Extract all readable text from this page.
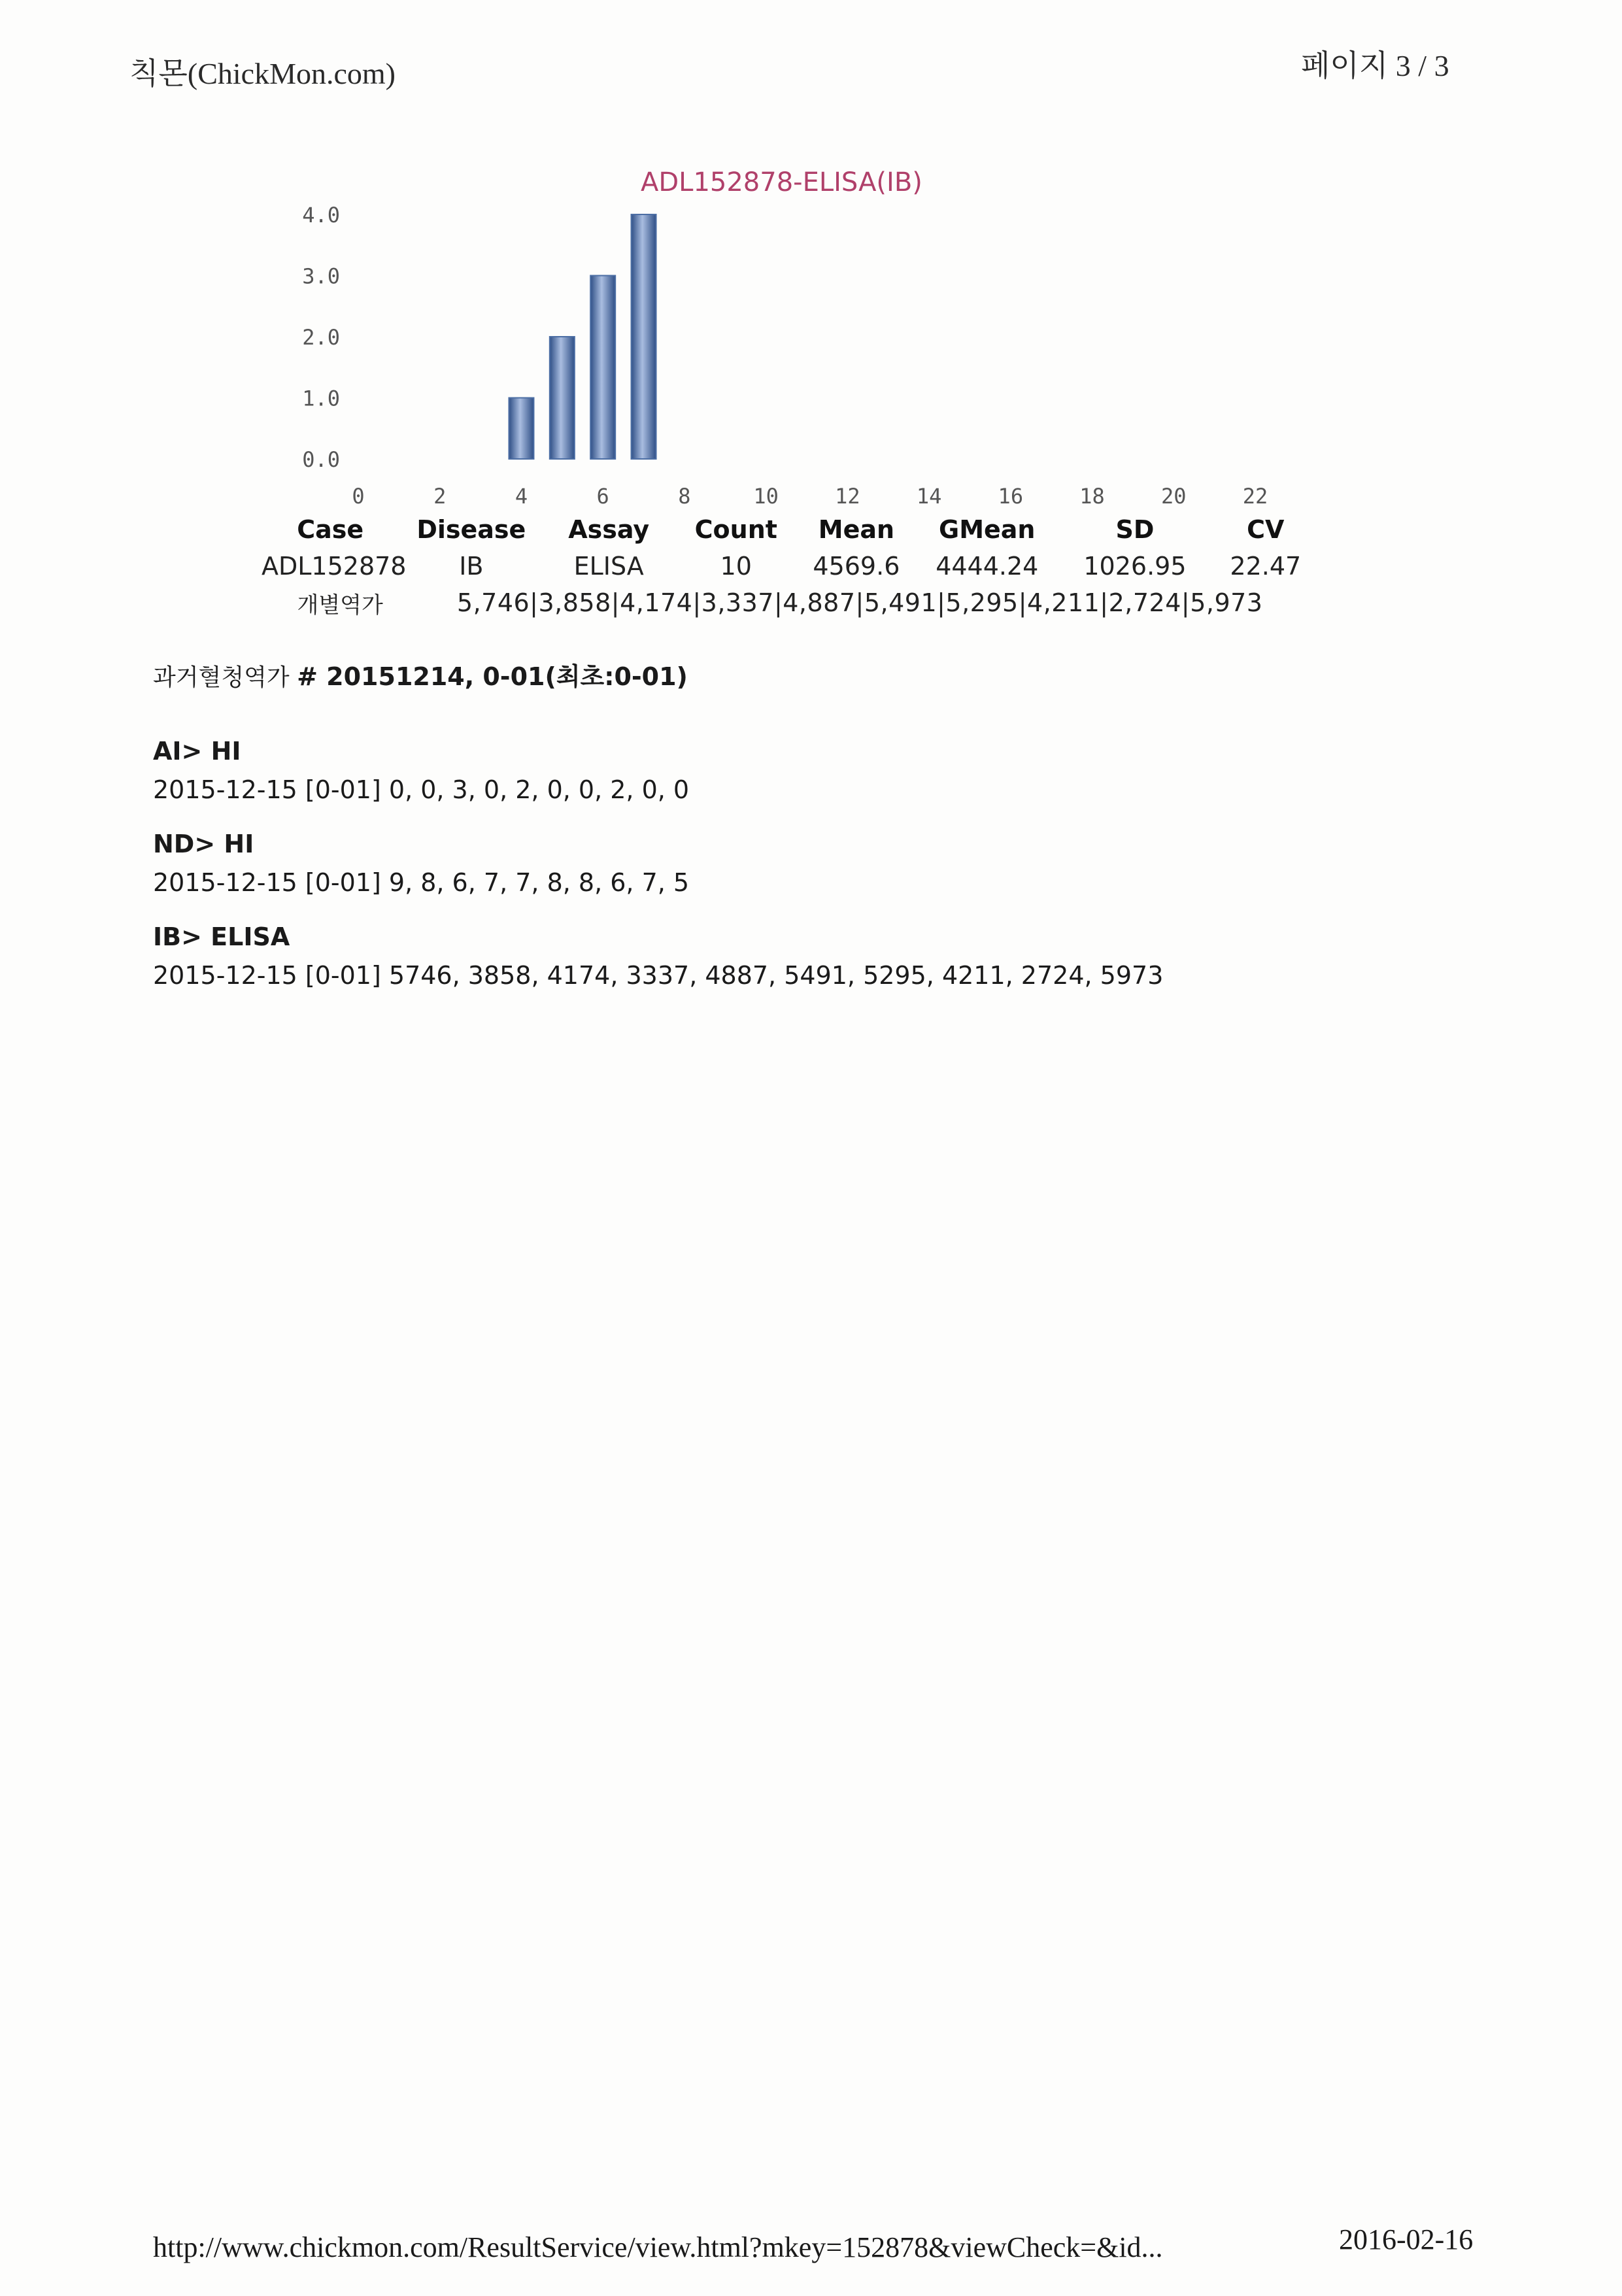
칙몬(ChickMon.com)	페이지 3 / 3
ADL152878-ELISA(IB)
0.0
1.0
2.0
3.0
4.0
0	2	4	6	8	10	12	14	16	18	20	22
Case	Disease	Assay	Count	Mean	GMean	SD	CV
ADL152878	IB	ELISA	10	4569.6	4444.24	1026.95	22.47
개별역가	5,746|3,858|4,174|3,337|4,887|5,491|5,295|4,211|2,724|5,973						

과거혈청역가 # 20151214, 0-01(최초:0-01)

AI> HI

2015-12-15 [0-01] 0, 0, 3, 0, 2, 0, 0, 2, 0, 0

ND> HI

2015-12-15 [0-01] 9, 8, 6, 7, 7, 8, 8, 6, 7, 5

IB> ELISA

2015-12-15 [0-01] 5746, 3858, 4174, 3337, 4887, 5491, 5295, 4211, 2724, 5973

http://www.chickmon.com/ResultService/view.html?mkey=152878&viewCheck=&id...	2016-02-16
